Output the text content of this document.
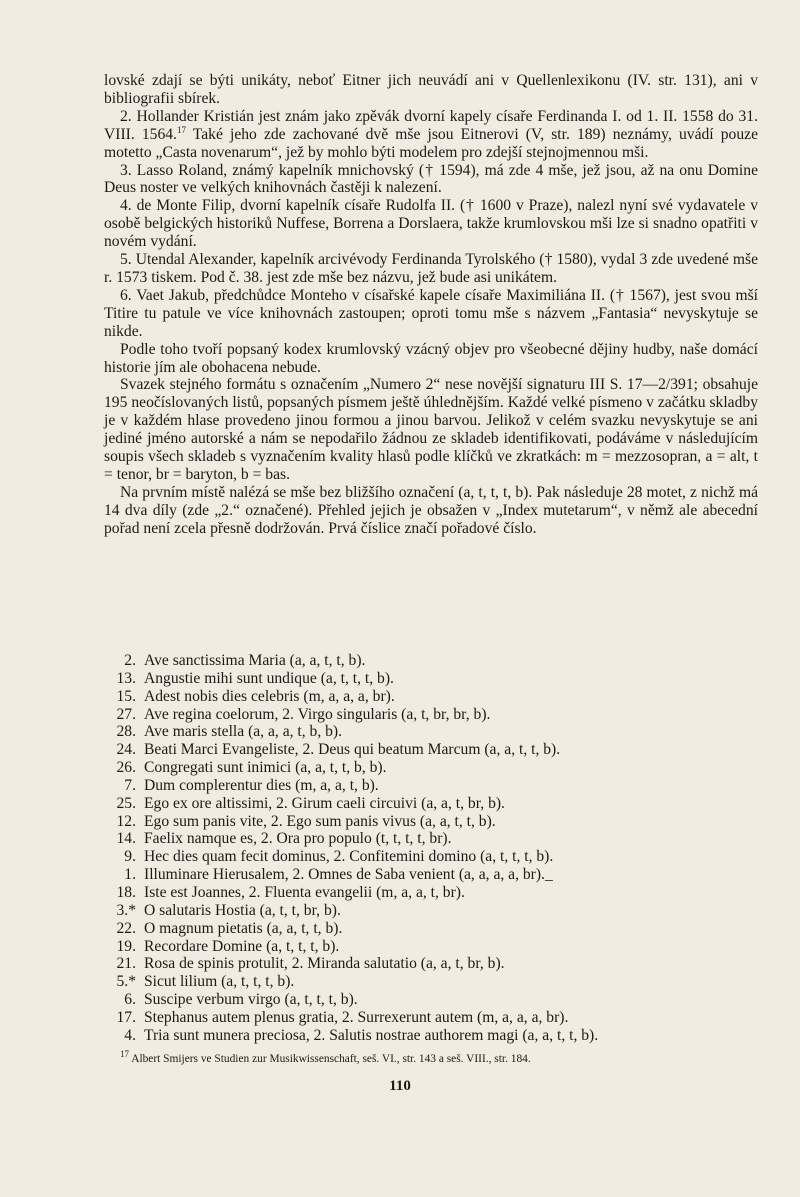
lovské zdají se býti unikáty, neboť Eitner jich neuvádí ani v Quellenlexikonu (IV. str. 131), ani v bibliografii sbírek.

2. Hollander Kristián jest znám jako zpěvák dvorní kapely císaře Ferdinanda I. od 1. II. 1558 do 31. VIII. 1564.17 Také jeho zde zachované dvě mše jsou Eitnerovi (V, str. 189) neznámy, uvádí pouze motetto „Casta novenarum“, jež by mohlo býti modelem pro zdejší stejnojmennou mši.

3. Lasso Roland, známý kapelník mnichovský († 1594), má zde 4 mše, jež jsou, až na onu Domine Deus noster ve velkých knihovnách častěji k nalezení.

4. de Monte Filip, dvorní kapelník císaře Rudolfa II. († 1600 v Praze), nalezl nyní své vydavatele v osobě belgických historiků Nuffese, Borrena a Dorslaera, takže krumlovskou mši lze si snadno opatřiti v novém vydání.

5. Utendal Alexander, kapelník arcivévody Ferdinanda Tyrolského († 1580), vydal 3 zde uvedené mše r. 1573 tiskem. Pod č. 38. jest zde mše bez názvu, jež bude asi unikátem.

6. Vaet Jakub, předchůdce Monteho v císařské kapele císaře Maximiliána II. († 1567), jest svou mší Titire tu patule ve více knihovnách zastoupen; oproti tomu mše s názvem „Fantasia“ nevyskytuje se nikde.

Podle toho tvoří popsaný kodex krumlovský vzácný objev pro všeobecné dějiny hudby, naše domácí historie jím ale obohacena nebude.

Svazek stejného formátu s označením „Numero 2“ nese novější signaturu III S. 17—2/391; obsahuje 195 neočíslovaných listů, popsaných písmem ještě úhlednějším. Každé velké písmeno v začátku skladby je v každém hlase provedeno jinou formou a jinou barvou. Jelikož v celém svazku nevyskytuje se ani jediné jméno autorské a nám se nepodařilo žádnou ze skladeb identifikovati, podáváme v následujícím soupis všech skladeb s vyznačením kvality hlasů podle klíčků ve zkratkách: m = mezzosopran, a = alt, t = tenor, br = baryton, b = bas.

Na prvním místě nalézá se mše bez bližšího označení (a, t, t, t, b). Pak následuje 28 motet, z nichž má 14 dva díly (zde „2.“ označené). Přehled jejich je obsažen v „Index mutetarum“, v němž ale abecední pořad není zcela přesně dodržován. Prvá číslice značí pořadové číslo.

2. Ave sanctissima Maria (a, a, t, t, b).
13. Angustie mihi sunt undique (a, t, t, t, b).
15. Adest nobis dies celebris (m, a, a, a, br).
27. Ave regina coelorum, 2. Virgo singularis (a, t, br, br, b).
28. Ave maris stella (a, a, a, t, b, b).
24. Beati Marci Evangeliste, 2. Deus qui beatum Marcum (a, a, t, t, b).
26. Congregati sunt inimici (a, a, t, t, b, b).
7. Dum complerentur dies (m, a, a, t, b).
25. Ego ex ore altissimi, 2. Girum caeli circuivi (a, a, t, br, b).
12. Ego sum panis vite, 2. Ego sum panis vivus (a, a, t, t, b).
14. Faelix namque es, 2. Ora pro populo (t, t, t, t, br).
9. Hec dies quam fecit dominus, 2. Confitemini domino (a, t, t, t, b).
1. Illuminare Hierusalem, 2. Omnes de Saba venient (a, a, a, a, br)._
18. Iste est Joannes, 2. Fluenta evangelii (m, a, a, t, br).
3.* O salutaris Hostia (a, t, t, br, b).
22. O magnum pietatis (a, a, t, t, b).
19. Recordare Domine (a, t, t, t, b).
21. Rosa de spinis protulit, 2. Miranda salutatio (a, a, t, br, b).
5.* Sicut lilium (a, t, t, t, b).
6. Suscipe verbum virgo (a, t, t, t, b).
17. Stephanus autem plenus gratia, 2. Surrexerunt autem (m, a, a, a, br).
4. Tria sunt munera preciosa, 2. Salutis nostrae authorem magi (a, a, t, t, b).
$^{17}$ Albert Smijers ve Studien zur Musikwissenschaft, seš. VI., str. 143 a seš. VIII., str. 184.
110
